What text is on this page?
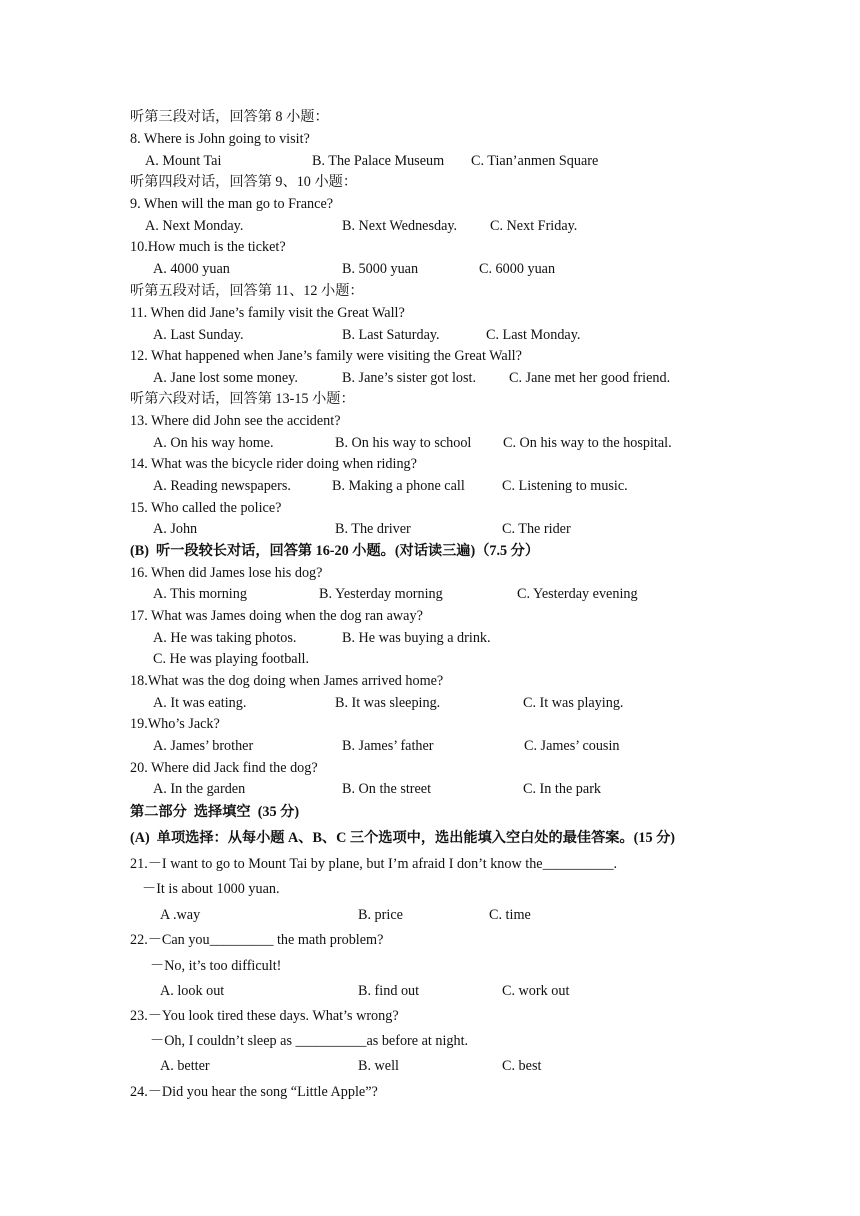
听第三段对话，回答第 8 小题：
8. Where is John going to visit?
A. Mount Tai	B. The Palace Museum C. Tian’anmen Square
听第四段对话，回答第 9、10 小题：
9. When will the man go to France?
A. Next Monday.	B. Next Wednesday. C. Next Friday.
10.How much is the ticket?
A. 4000 yuan	B. 5000 yuan	C. 6000 yuan
听第五段对话，回答第 11、12 小题：
11. When did Jane’s family visit the Great Wall?
A. Last Sunday.	B. Last Saturday.	C. Last Monday.
12. What happened when Jane’s family were visiting the Great Wall?
A. Jane lost some money.	B. Jane’s sister got lost. C. Jane met her good friend.
听第六段对话，回答第 13-15 小题：
13. Where did John see the accident?
A. On his way home.	B. On his way to school C. On his way to the hospital.
14. What was the bicycle rider doing when riding?
A. Reading newspapers.	B. Making a phone call	C. Listening to music.
15. Who called the police?
A. John	B. The driver	C. The rider
(B)  听一段较长对话，回答第 16-20 小题。(对话读三遍)（7.5 分）
16. When did James lose his dog?
A. This morning	B. Yesterday morning	C. Yesterday evening
17. What was James doing when the dog ran away?
A. He was taking photos.	B. He was buying a drink.
C. He was playing football.
18.What was the dog doing when James arrived home?
A. It was eating.	B. It was sleeping.	C. It was playing.
19.Who’s Jack?
A. James’ brother	B. James’ father	C. James’ cousin
20. Where did Jack find the dog?
A. In the garden	B. On the street	C. In the park
第二部分  选择填空  (35 分)
(A)  单项选择：从每小题 A、B、C 三个选项中，选出能填入空白处的最佳答案。(15 分)
21.－I want to go to Mount Tai by plane, but I’m afraid I don’t know the__________.
－It is about 1000 yuan.
A .way	B. price	C. time
22.－Can you_________ the math problem?
－No, it’s too difficult!
A. look out	B. find out	C. work out
23.－You look tired these days. What’s wrong?
－Oh, I couldn’t sleep as __________as before at night.
A. better	B. well	C. best
24.－Did you hear the song “Little Apple”?
